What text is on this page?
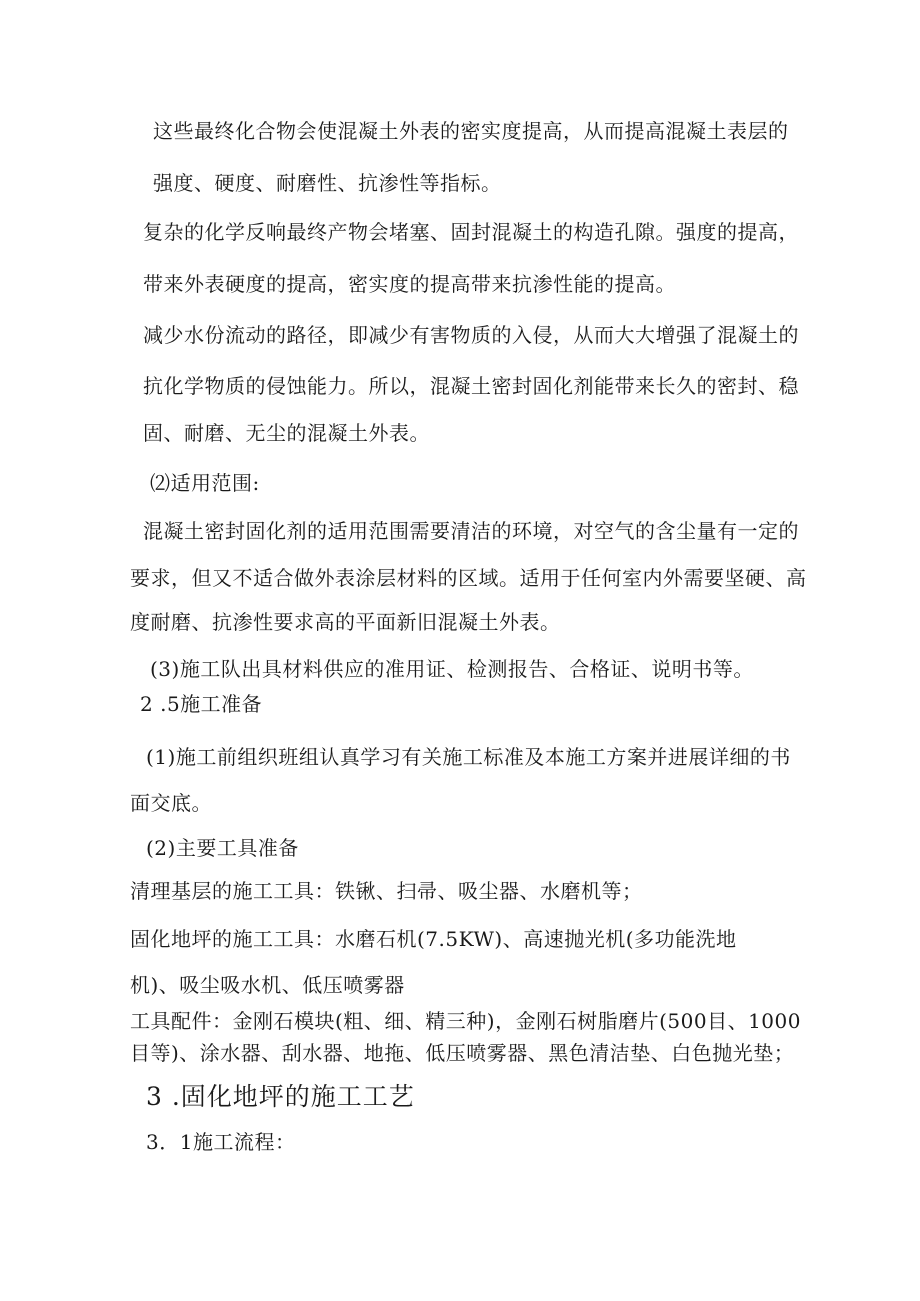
这些最终化合物会使混凝土外表的密实度提高，从而提高混凝土表层的
强度、硬度、耐磨性、抗渗性等指标。
复杂的化学反响最终产物会堵塞、固封混凝土的构造孔隙。强度的提高，
带来外表硬度的提高，密实度的提高带来抗渗性能的提高。
减少水份流动的路径，即减少有害物质的入侵，从而大大增强了混凝土的
抗化学物质的侵蚀能力。所以，混凝土密封固化剂能带来长久的密封、稳
固、耐磨、无尘的混凝土外表。
⑵适用范围:
混凝土密封固化剂的适用范围需要清洁的环境，对空气的含尘量有一定的
要求，但又不适合做外表涂层材料的区域。适用于任何室内外需要坚硬、高
度耐磨、抗渗性要求高的平面新旧混凝土外表。
(3)施工队出具材料供应的准用证、检测报告、合格证、说明书等。
2 .5施工准备
(1)施工前组织班组认真学习有关施工标准及本施工方案并进展详细的书
面交底。
(2)主要工具准备
清理基层的施工工具：铁锹、扫帚、吸尘器、水磨机等；
固化地坪的施工工具：水磨石机(7.5KW)、高速抛光机(多功能洗地
机)、吸尘吸水机、低压喷雾器
工具配件：金刚石模块(粗、细、精三种)，金刚石树脂磨片(500目、1000
目等)、涂水器、刮水器、地拖、低压喷雾器、黑色清洁垫、白色抛光垫；
3 .固化地坪的施工工艺
3．1施工流程：
